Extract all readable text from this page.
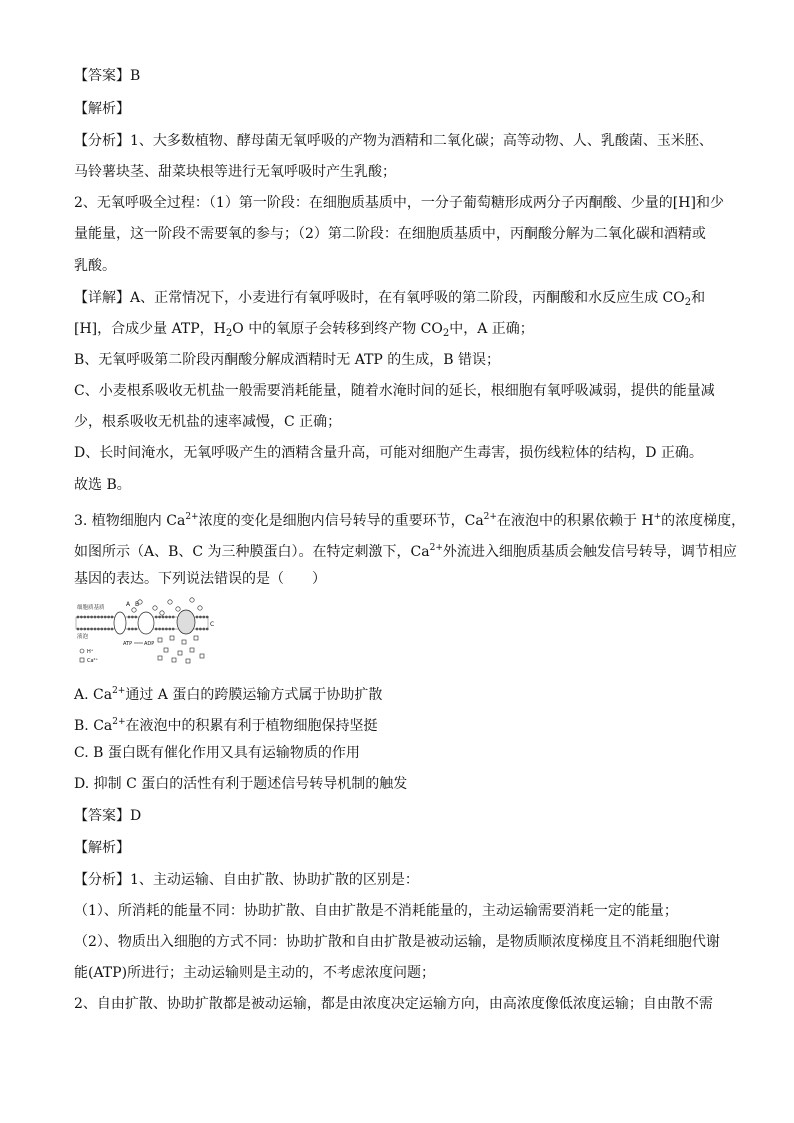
【答案】B
【解析】
【分析】1、大多数植物、酵母菌无氧呼吸的产物为酒精和二氧化碳；高等动物、人、乳酸菌、玉米胚、
马铃薯块茎、甜菜块根等进行无氧呼吸时产生乳酸；
2、无氧呼吸全过程：（1）第一阶段：在细胞质基质中，一分子葡萄糖形成两分子丙酮酸、少量的[H]和少
量能量，这一阶段不需要氧的参与；（2）第二阶段：在细胞质基质中，丙酮酸分解为二氧化碳和酒精或
乳酸。
【详解】A、正常情况下，小麦进行有氧呼吸时，在有氧呼吸的第二阶段，丙酮酸和水反应生成 $CO_2$和
[H]，合成少量 ATP，$H_2O$ 中的氧原子会转移到终产物 $CO_2$中，A 正确；
B、无氧呼吸第二阶段丙酮酸分解成酒精时无 ATP 的生成，B 错误；
C、小麦根系吸收无机盐一般需要消耗能量，随着水淹时间的延长，根细胞有氧呼吸减弱，提供的能量减
少，根系吸收无机盐的速率减慢，C 正确；
D、长时间淹水，无氧呼吸产生的酒精含量升高，可能对细胞产生毒害，损伤线粒体的结构，D 正确。
故选 B。
3. 植物细胞内 $Ca^{2+}$浓度的变化是细胞内信号转导的重要环节，$Ca^{2+}$在液泡中的积累依赖于 H+的浓度梯度，
如图所示（A、B、C 为三种膜蛋白）。在特定刺激下，$Ca^{2+}$外流进入细胞质基质会触发信号转导，调节相应
基因的表达。下列说法错误的是（　　）
细胞质基质
液泡
A B
C
ATP ADP
H⁺
Ca²⁺
A. $Ca^{2+}$通过 A 蛋白的跨膜运输方式属于协助扩散
B. $Ca^{2+}$在液泡中的积累有利于植物细胞保持坚挺
C. B 蛋白既有催化作用又具有运输物质的作用
D. 抑制 C 蛋白的活性有利于题述信号转导机制的触发
【答案】D
【解析】
【分析】1、主动运输、自由扩散、协助扩散的区别是：
（1）、所消耗的能量不同：协助扩散、自由扩散是不消耗能量的，主动运输需要消耗一定的能量；
（2）、物质出入细胞的方式不同：协助扩散和自由扩散是被动运输，是物质顺浓度梯度且不消耗细胞代谢
能(ATP)所进行；主动运输则是主动的，不考虑浓度问题；
2、自由扩散、协助扩散都是被动运输，都是由浓度决定运输方向，由高浓度像低浓度运输；自由散不需
